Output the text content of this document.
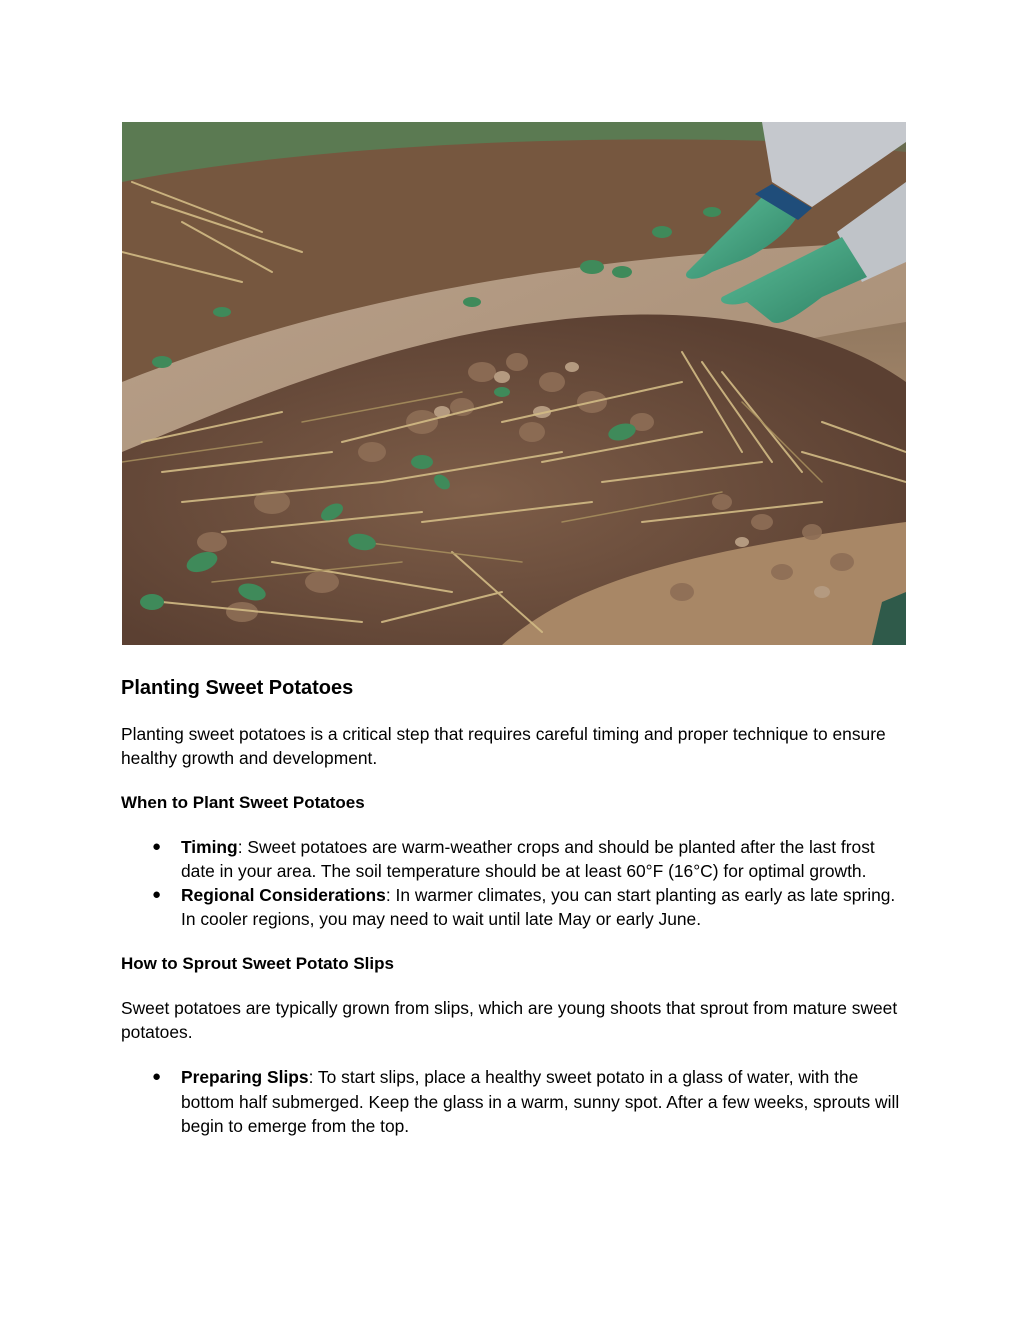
Planting Sweet Potatoes

Planting sweet potatoes is a critical step that requires careful timing and proper technique to ensure healthy growth and development.

When to Plant Sweet Potatoes
● Timing: Sweet potatoes are warm-weather crops and should be planted after the last frost date in your area. The soil temperature should be at least 60°F (16°C) for optimal growth.
● Regional Considerations: In warmer climates, you can start planting as early as late spring. In cooler regions, you may need to wait until late May or early June.
How to Sprout Sweet Potato Slips

Sweet potatoes are typically grown from slips, which are young shoots that sprout from mature sweet potatoes.

● Preparing Slips: To start slips, place a healthy sweet potato in a glass of water, with the bottom half submerged. Keep the glass in a warm, sunny spot. After a few weeks, sprouts will begin to emerge from the top.
